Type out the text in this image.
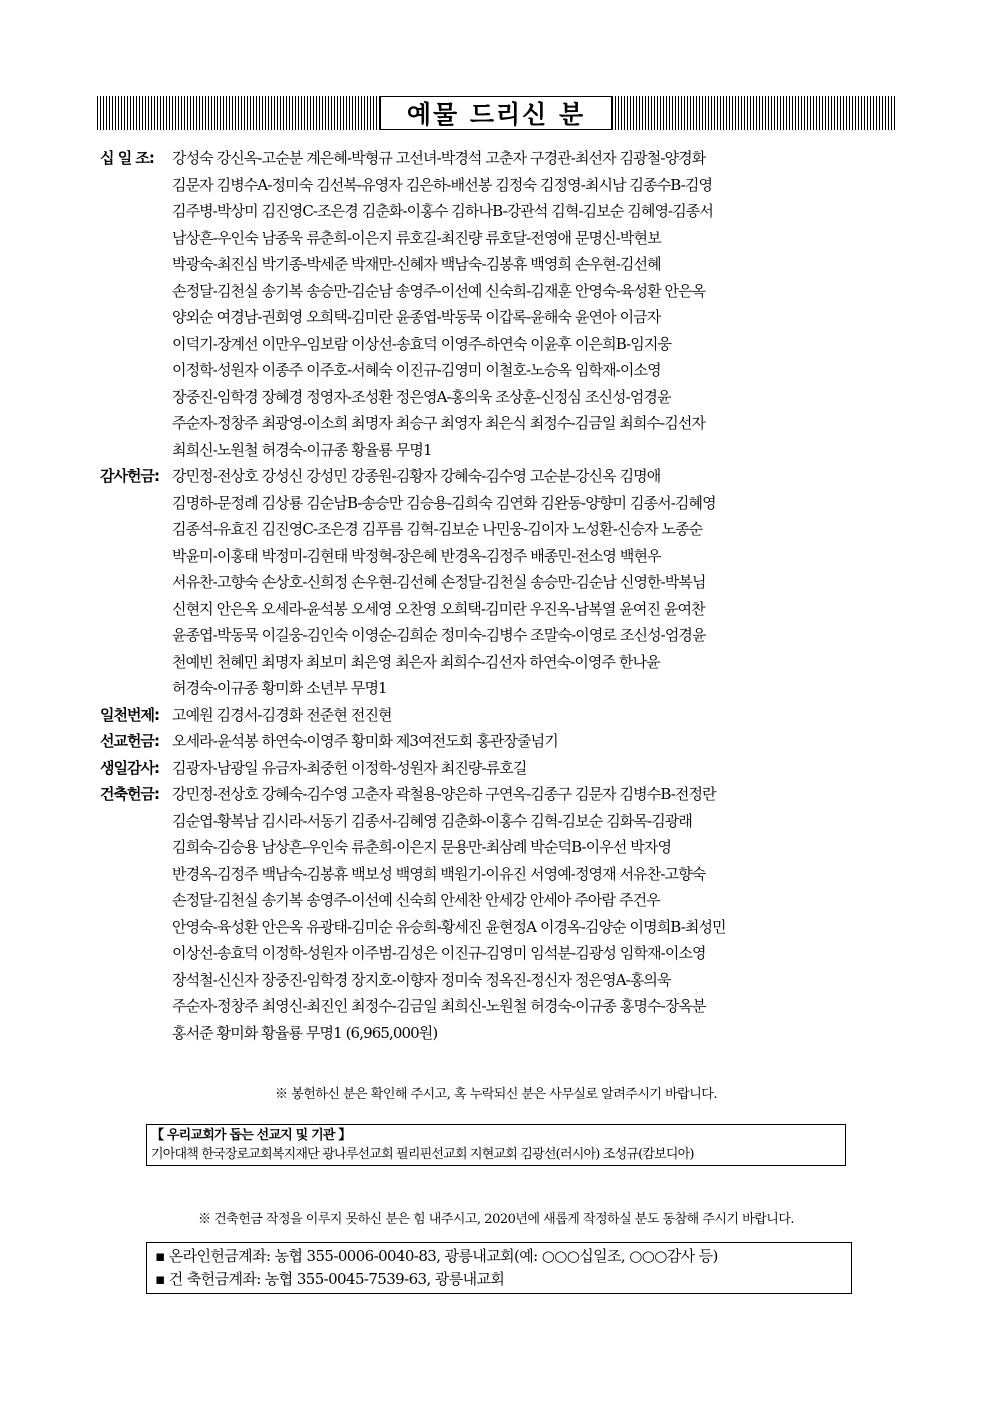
예물 드리신 분
십 일 조:	강성숙 강신옥-고순분 계은혜-박형규 고선녀-박경석 고춘자 구경관-최선자 김광철-양경화
김문자 김병수A-정미숙 김선복-유영자 김은하-배선봉 김정숙 김정영-최시남 김종수B-김영
김주병-박상미 김진영C-조은경 김춘화-이홍수 김하나B-강관석 김혁-김보순 김혜영-김종서
남상흔-우인숙 남종욱 류춘희-이은지 류호길-최진량 류호달-전영애 문명신-박현보
박광숙-최진심 박기종-박세준 박재만-신혜자 백남숙-김봉휴 백영희 손우현-김선혜
손정달-김천실 송기복 송승만-김순남 송영주-이선예 신숙희-김재훈 안영숙-육성환 안은옥
양외순 여경남-권회영 오희택-김미란 윤종엽-박동묵 이갑록-윤해숙 윤연아 이금자
이덕기-장계선 이만우-임보람 이상선-송효덕 이영주-하연숙 이윤후 이은희B-임지웅
이정학-성원자 이종주 이주호-서혜숙 이진규-김영미 이철호-노승옥 임학재-이소영
장중진-임학경 장혜경 정영자-조성환 정은영A-홍의욱 조상훈-신정심 조신성-엄경윤
주순자-정창주 최광영-이소희 최명자 최승구 최영자 최은식 최정수-김금일 최희수-김선자
최희신-노원철 허경숙-이규종 황율룡 무명1
감사헌금: 강민정-전상호 강성신 강성민 강종원-김황자 강혜숙-김수영 고순분-강신옥 김명애
김명하-문정례 김상룡 김순남B-송승만 김승용-김희숙 김연화 김완동-양향미 김종서-김혜영
김종석-유효진 김진영C-조은경 김푸름 김혁-김보순 나민웅-김이자 노성환-신승자 노종순
박윤미-이홍태 박정미-김현태 박정혁-장은혜 반경옥-김정주 배종민-전소영 백현우
서유찬-고향숙 손상호-신희정 손우현-김선혜 손정달-김천실 송승만-김순남 신영한-박복님
신현지 안은옥 오세라-윤석봉 오세영 오찬영 오희택-김미란 우진옥-남복열 윤여진 윤여찬
윤종엽-박동묵 이길웅-김인숙 이영순-김희순 정미숙-김병수 조말숙-이영로 조신성-엄경윤
천예빈 천혜민 최명자 최보미 최은영 최은자 최희수-김선자 하연숙-이영주 한나윤
허경숙-이규종 황미화 소년부 무명1
일천번제: 고예원 김경서-김경화 전준현 전진현
선교헌금: 오세라-윤석봉 하연숙-이영주 황미화 제3여전도회 홍관장줄넘기
생일감사: 김광자-남광일 유금자-최중헌 이정학-성원자 최진량-류호길
건축헌금: 강민정-전상호 강혜숙-김수영 고춘자 곽철용-양은하 구연옥-김종구 김문자 김병수B-전정란
김순엽-황복남 김시라-서동기 김종서-김혜영 김춘화-이홍수 김혁-김보순 김화목-김광래
김희숙-김승용 남상흔-우인숙 류춘희-이은지 문용만-최삼례 박순덕B-이우선 박자영
반경옥-김정주 백남숙-김봉휴 백보성 백영희 백원기-이유진 서영예-정영재 서유찬-고향숙
손정달-김천실 송기복 송영주-이선예 신숙희 안세찬 안세강 안세아 주아람 주건우
안영숙-육성환 안은옥 유광태-김미순 유승희-황세진 윤현정A 이경옥-김양순 이명희B-최성민
이상선-송효덕 이정학-성원자 이주범-김성은 이진규-김영미 임석분-김광성 임학재-이소영
장석철-신신자 장중진-임학경 장지호-이향자 정미숙 정옥진-정신자 정은영A-홍의욱
주순자-정창주 최영신-최진인 최정수-김금일 최희신-노원철 허경숙-이규종 홍명수-장옥분
홍서준 황미화 황율룡 무명1 (6,965,000원)
※ 봉헌하신 분은 확인해 주시고, 혹 누락되신 분은 사무실로 알려주시기 바랍니다.
【 우리교회가 돕는 선교지 및 기관 】
기아대책 한국장로교회복지재단 광나루선교회 필리핀선교회 지현교회 김광선(러시아) 조성규(캄보디아)
※ 건축헌금 작정을 이루지 못하신 분은 힘 내주시고, 2020년에 새롭게 작정하실 분도 동참해 주시기 바랍니다.
▪ 온라인헌금계좌: 농협 355-0006-0040-83, 광릉내교회(예: ○○○십일조, ○○○감사 등)
▪ 건 축헌금계좌: 농협 355-0045-7539-63, 광릉내교회
